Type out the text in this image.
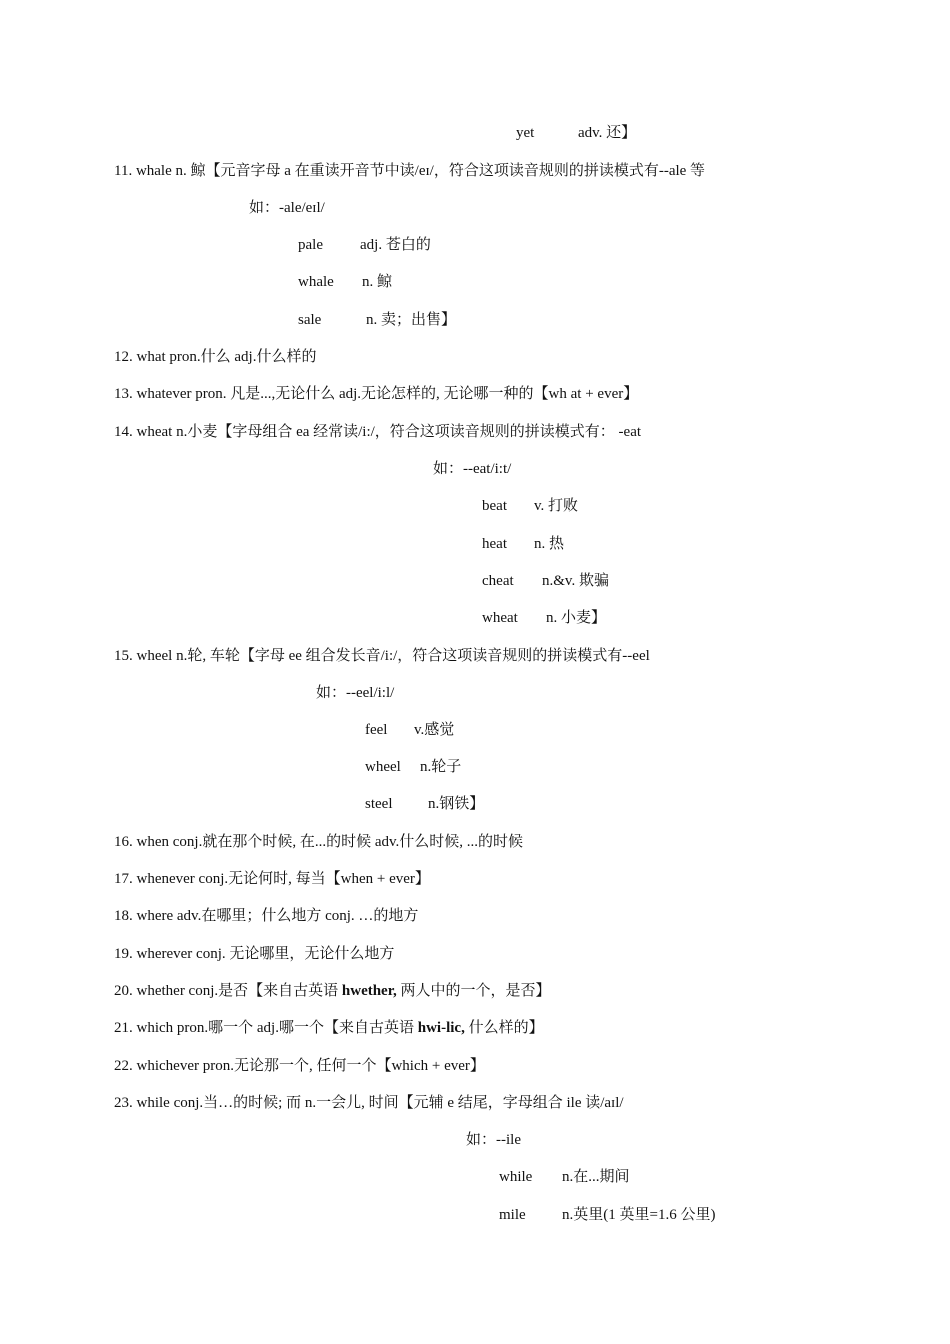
yet	adv. 还】
11. whale n. 鲸【元音字母 a 在重读开音节中读/eɪ/，符合这项读音规则的拼读模式有--ale 等
如：-ale/eɪl/
pale adj. 苍白的
whale n. 鲸
sale	n. 卖；出售】
12. what pron.什么 adj.什么样的
13. whatever pron. 凡是...,无论什么 adj.无论怎样的, 无论哪一种的【wh at + ever】
14. wheat n.小麦【字母组合 ea 经常读/i:/，符合这项读音规则的拼读模式有： -eat
如：--eat/i:t/
beat v. 打败
heat n. 热
cheat n.&v. 欺骗
wheat n. 小麦】
15. wheel n.轮, 车轮【字母 ee 组合发长音/i:/，符合这项读音规则的拼读模式有--eel
如：--eel/i:l/
feel v.感觉
wheel n.轮子
steel n.钢铁】
16. when conj.就在那个时候, 在...的时候 adv.什么时候, ...的时候
17. whenever conj.无论何时, 每当【when + ever】
18. where adv.在哪里；什么地方 conj. …的地方
19. wherever conj. 无论哪里，无论什么地方
20. whether conj.是否【来自古英语 hwether, 两人中的一个，是否】
21. which pron.哪一个 adj.哪一个【来自古英语 hwi-lic, 什么样的】
22. whichever pron.无论那一个, 任何一个【which + ever】
23. while conj.当…的时候; 而 n.一会儿, 时间【元辅 e 结尾，字母组合 ile 读/aɪl/
如：--ile
while n.在...期间
mile n.英里(1 英里=1.6 公里)
